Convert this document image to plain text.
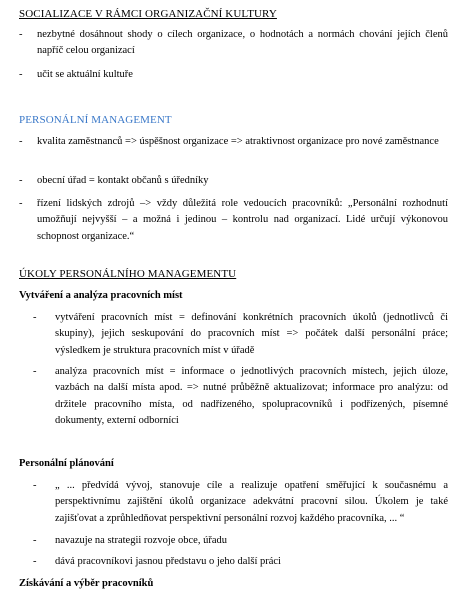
SOCIALIZACE V RÁMCI ORGANIZAČNÍ KULTURY
-	nezbytné dosáhnout shody o cílech organizace, o hodnotách a normách chování jejích členů napříč celou organizací
-	učit se aktuální kultuře
PERSONÁLNÍ MANAGEMENT
-	kvalita zaměstnanců => úspěšnost organizace => atraktivnost organizace pro nové zaměstnance
-	obecní úřad = kontakt občanů s úředníky
-	řízení lidských zdrojů –> vždy důležitá role vedoucích pracovníků: „Personální rozhodnutí umožňují nejvyšší – a možná i jedinou – kontrolu nad organizací. Lidé určují výkonovou schopnost organizace.“
ÚKOLY PERSONÁLNÍHO MANAGEMENTU
Vytváření a analýza pracovních míst
-	vytváření pracovních míst = definování konkrétních pracovních úkolů (jednotlivců či skupiny), jejich seskupování do pracovních míst => počátek další personální práce; výsledkem je struktura pracovních míst v úřadě
-	analýza pracovních míst = informace o jednotlivých pracovních místech, jejich úloze, vazbách na další místa apod. => nutné průběžně aktualizovat; informace pro analýzu: od držitele pracovního místa, od nadřízeného, spolupracovníků i podřízených, písemné dokumenty, externí odborníci
Personální plánování
-	„ ... předvídá vývoj, stanovuje cíle a realizuje opatření směřující k současnému a perspektivnímu zajištění úkolů organizace adekvátní pracovní silou. Úkolem je také zajišťovat a zprůhledňovat perspektivní personální rozvoj každého pracovníka, ... “
-	navazuje na strategii rozvoje obce, úřadu
-	dává pracovníkovi jasnou představu o jeho další práci
Získávání a výběr pracovníků
